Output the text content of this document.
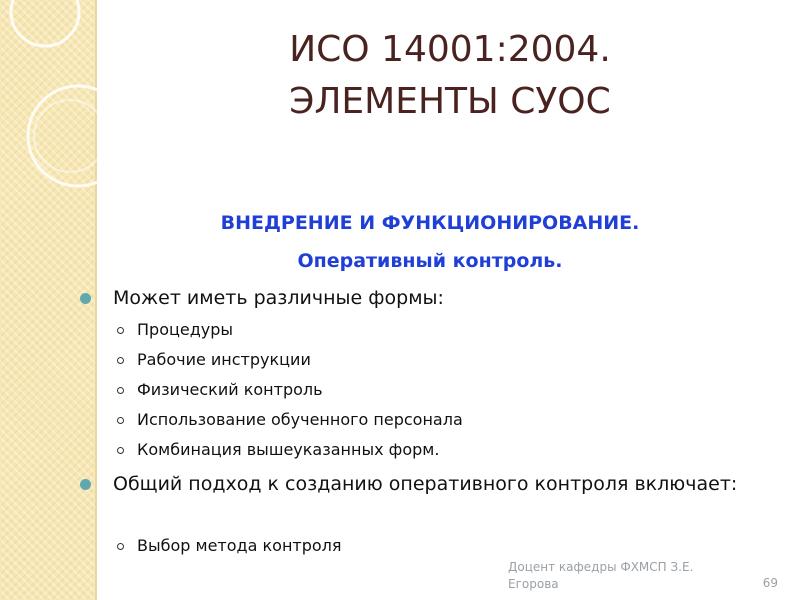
ИСО 14001:2004.
ЭЛЕМЕНТЫ СУОС
ВНЕДРЕНИЕ И ФУНКЦИОНИРОВАНИЕ.
Оперативный контроль.
Может иметь различные формы:
Процедуры
Рабочие инструкции
Физический контроль
Использование обученного персонала
Комбинация вышеуказанных форм.
Общий подход к созданию оперативного контроля включает:
Выбор метода контроля
Доцент кафедры ФХМСП З.Е. Егорова	69
